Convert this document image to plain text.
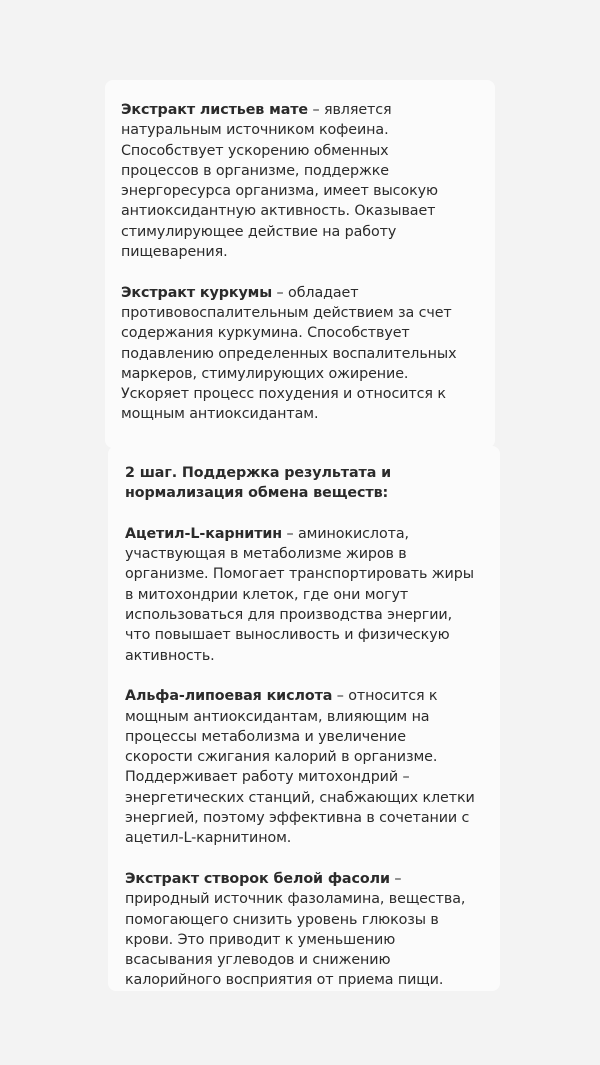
Экстракт листьев мате – является

натуральным источником кофеина.

Способствует ускорению обменных

процессов в организме, поддержке

энергоресурса организма, имеет высокую

антиоксидантную активность. Оказывает

стимулирующее действие на работу

пищеварения.

Экстракт куркумы – обладает

противовоспалительным действием за счет

содержания куркумина. Способствует

подавлению определенных воспалительных

маркеров, стимулирующих ожирение.

Ускоряет процесс похудения и относится к

мощным антиоксидантам.

2 шаг. Поддержка результата и

нормализация обмена веществ:

Ацетил-L-карнитин – аминокислота,

участвующая в метаболизме жиров в

организме. Помогает транспортировать жиры

в митохондрии клеток, где они могут

использоваться для производства энергии,

что повышает выносливость и физическую

активность.

Альфа-липоевая кислота – относится к

мощным антиоксидантам, влияющим на

процессы метаболизма и увеличение

скорости сжигания калорий в организме.

Поддерживает работу митохондрий –

энергетических станций, снабжающих клетки

энергией, поэтому эффективна в сочетании с

ацетил-L-карнитином.

Экстракт створок белой фасоли –

природный источник фазоламина, вещества,

помогающего снизить уровень глюкозы в

крови. Это приводит к уменьшению

всасывания углеводов и снижению

калорийного восприятия от приема пищи.
